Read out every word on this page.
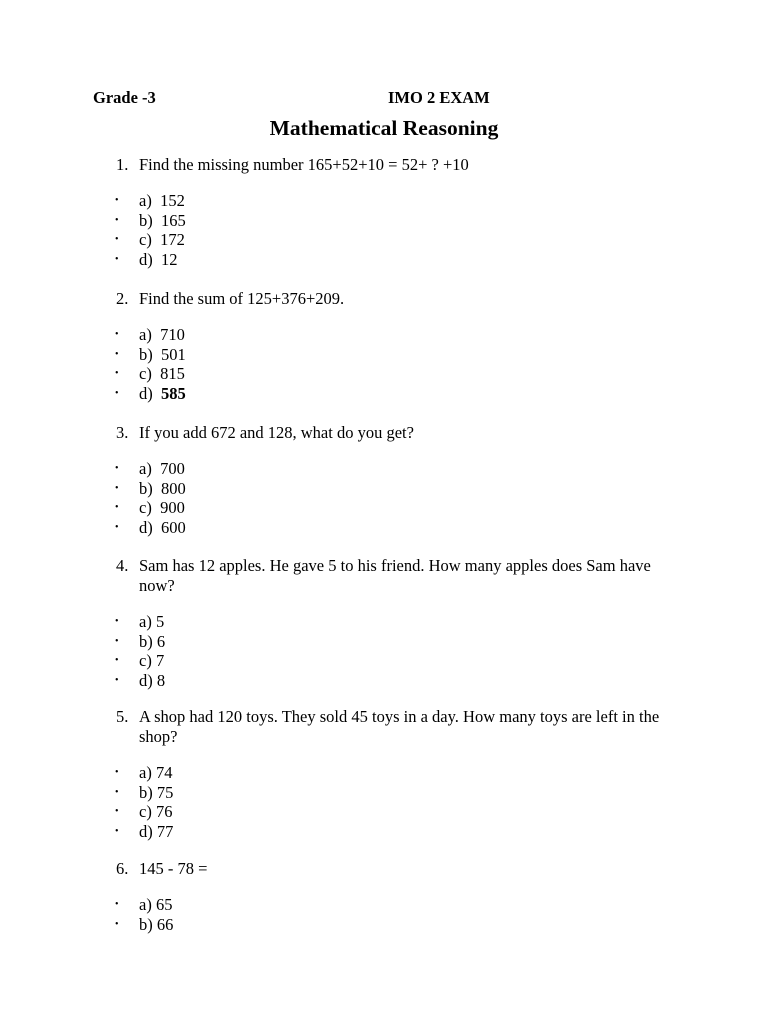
Grade -3	IMO 2 EXAM
Mathematical Reasoning
1. Find the missing number 165+52+10 = 52+ ? +10
• a)  152
• b)  165
• c)  172
• d)  12
2. Find the sum of 125+376+209.
• a)  710
• b)  501
• c)  815
• d)  585
3. If you add 672 and 128, what do you get?
• a)  700
• b)  800
• c)  900
• d)  600
4. Sam has 12 apples. He gave 5 to his friend. How many apples does Sam have now?
• a) 5
• b) 6
• c) 7
• d) 8
5. A shop had 120 toys. They sold 45 toys in a day. How many toys are left in the shop?
• a) 74
• b) 75
• c) 76
• d) 77
6. 145 - 78 =
• a) 65
• b) 66
